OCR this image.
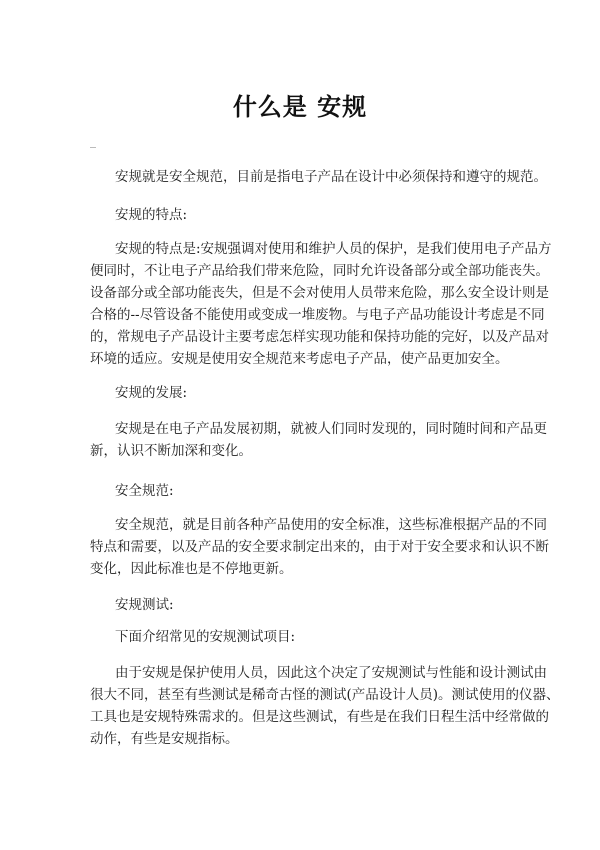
什么是 安规

安规就是安全规范，目前是指电子产品在设计中必须保持和遵守的规范。

安规的特点:

安规的特点是:安规强调对使用和维护人员的保护，是我们使用电子产品方
便同时，不让电子产品给我们带来危险，同时允许设备部分或全部功能丧失。
设备部分或全部功能丧失，但是不会对使用人员带来危险，那么安全设计则是
合格的--尽管设备不能使用或变成一堆废物。与电子产品功能设计考虑是不同
的，常规电子产品设计主要考虑怎样实现功能和保持功能的完好，以及产品对
环境的适应。安规是使用安全规范来考虑电子产品，使产品更加安全。

安规的发展:

安规是在电子产品发展初期，就被人们同时发现的，同时随时间和产品更
新，认识不断加深和变化。

安全规范:

安全规范，就是目前各种产品使用的安全标准，这些标准根据产品的不同
特点和需要，以及产品的安全要求制定出来的，由于对于安全要求和认识不断
变化，因此标准也是不停地更新。

安规测试:

下面介绍常见的安规测试项目:

由于安规是保护使用人员，因此这个决定了安规测试与性能和设计测试由
很大不同，甚至有些测试是稀奇古怪的测试(产品设计人员)。测试使用的仪器、
工具也是安规特殊需求的。但是这些测试，有些是在我们日程生活中经常做的
动作，有些是安规指标。
